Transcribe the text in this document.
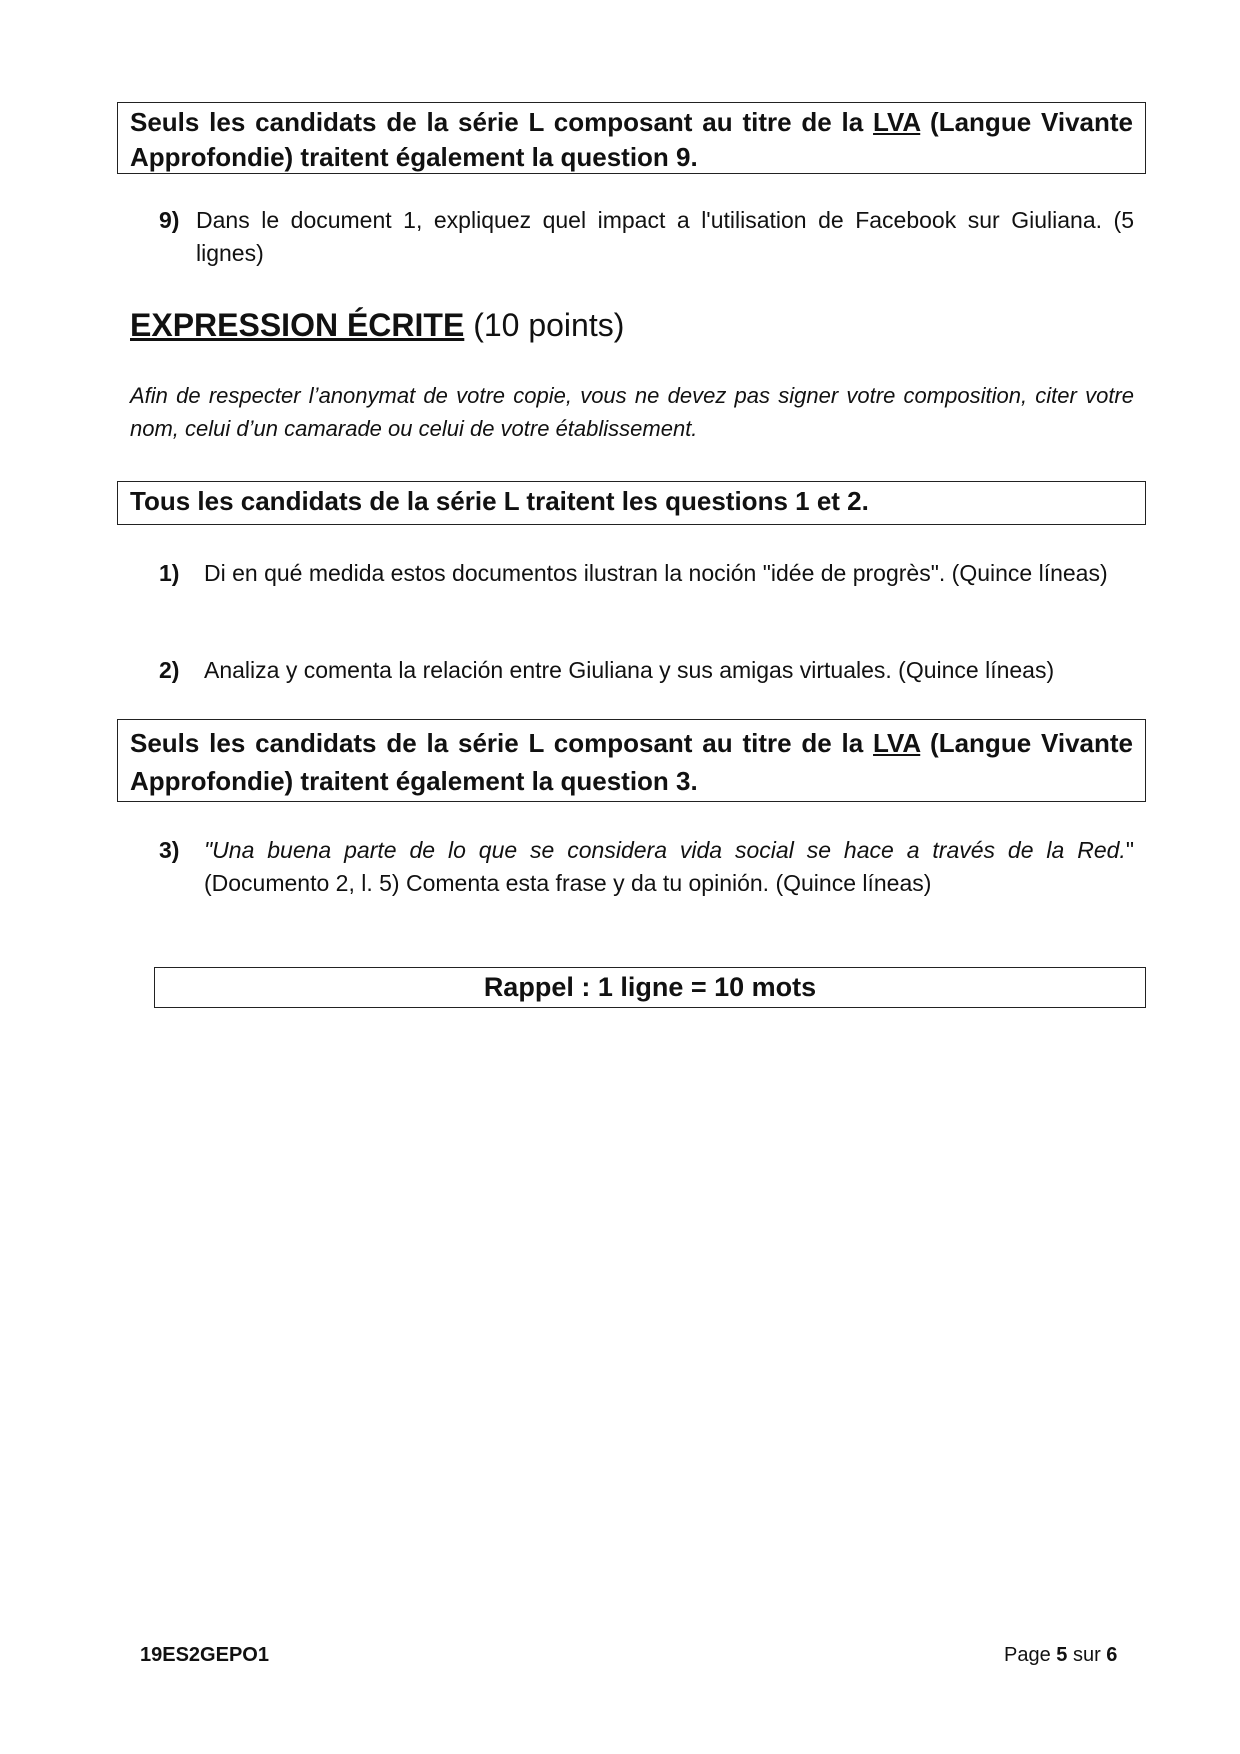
Seuls les candidats de la série L composant au titre de la LVA (Langue Vivante Approfondie) traitent également la question 9.
9) Dans le document 1, expliquez quel impact a l'utilisation de Facebook sur Giuliana. (5 lignes)
EXPRESSION ÉCRITE (10 points)
Afin de respecter l’anonymat de votre copie, vous ne devez pas signer votre composition, citer votre nom, celui d’un camarade ou celui de votre établissement.
Tous les candidats de la série L traitent les questions 1 et 2.
1) Di en qué medida estos documentos ilustran la noción "idée de progrès". (Quince líneas)
2) Analiza y comenta la relación entre Giuliana y sus amigas virtuales. (Quince líneas)
Seuls les candidats de la série L composant au titre de la LVA (Langue Vivante Approfondie) traitent également la question 3.
3) "Una buena parte de lo que se considera vida social se hace a través de la Red." (Documento 2, l. 5) Comenta esta frase y da tu opinión. (Quince líneas)
Rappel : 1 ligne = 10 mots
19ES2GEPO1	Page 5 sur 6
